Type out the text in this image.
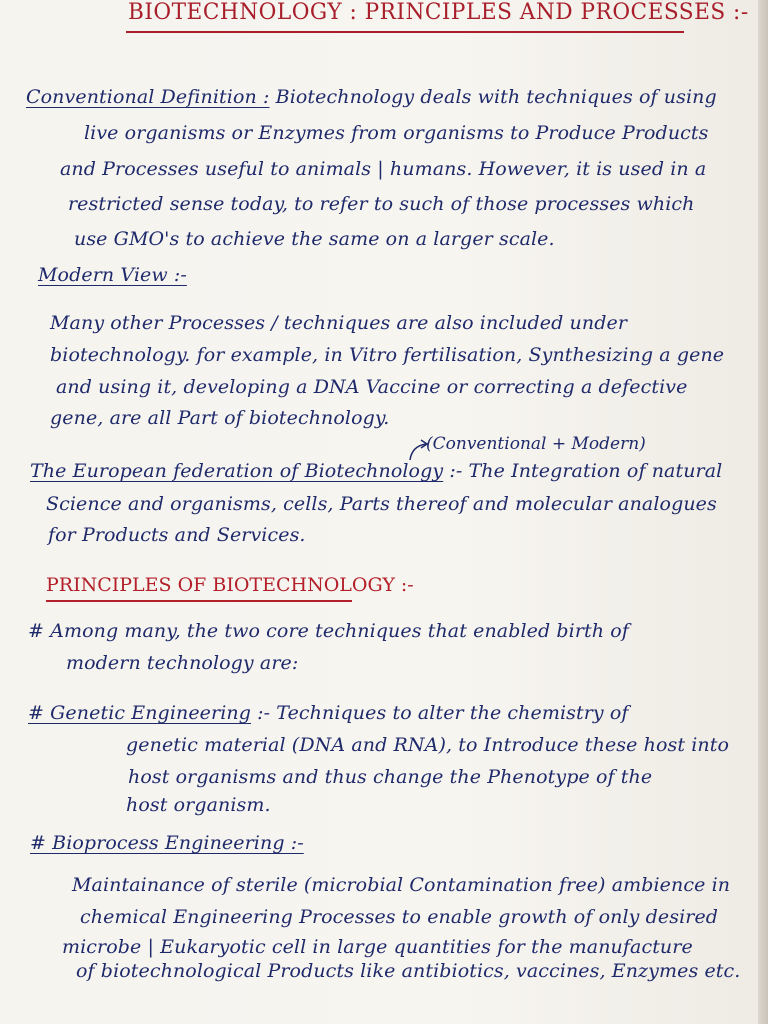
BIOTECHNOLOGY : PRINCIPLES AND PROCESSES :-
Conventional Definition : Biotechnology deals with techniques of using
live organisms or Enzymes from organisms to Produce Products
and Processes useful to animals | humans. However, it is used in a
restricted sense today, to refer to such of those processes which
use GMO's to achieve the same on a larger scale.
Modern View :-
Many other Processes / techniques are also included under
biotechnology. for example, in Vitro fertilisation, Synthesizing a gene
and using it, developing a DNA Vaccine or correcting a defective
gene, are all Part of biotechnology.
(Conventional + Modern)
The European federation of Biotechnology :- The Integration of natural
Science and organisms, cells, Parts thereof and molecular analogues
for Products and Services.
PRINCIPLES OF BIOTECHNOLOGY :-
# Among many, the two core techniques that enabled birth of
modern technology are:
# Genetic Engineering :- Techniques to alter the chemistry of
genetic material (DNA and RNA), to Introduce these host into
host organisms and thus change the Phenotype of the
host organism.
# Bioprocess Engineering :-
Maintainance of sterile (microbial Contamination free) ambience in
chemical Engineering Processes to enable growth of only desired
microbe | Eukaryotic cell in large quantities for the manufacture
of biotechnological Products like antibiotics, vaccines, Enzymes etc.
